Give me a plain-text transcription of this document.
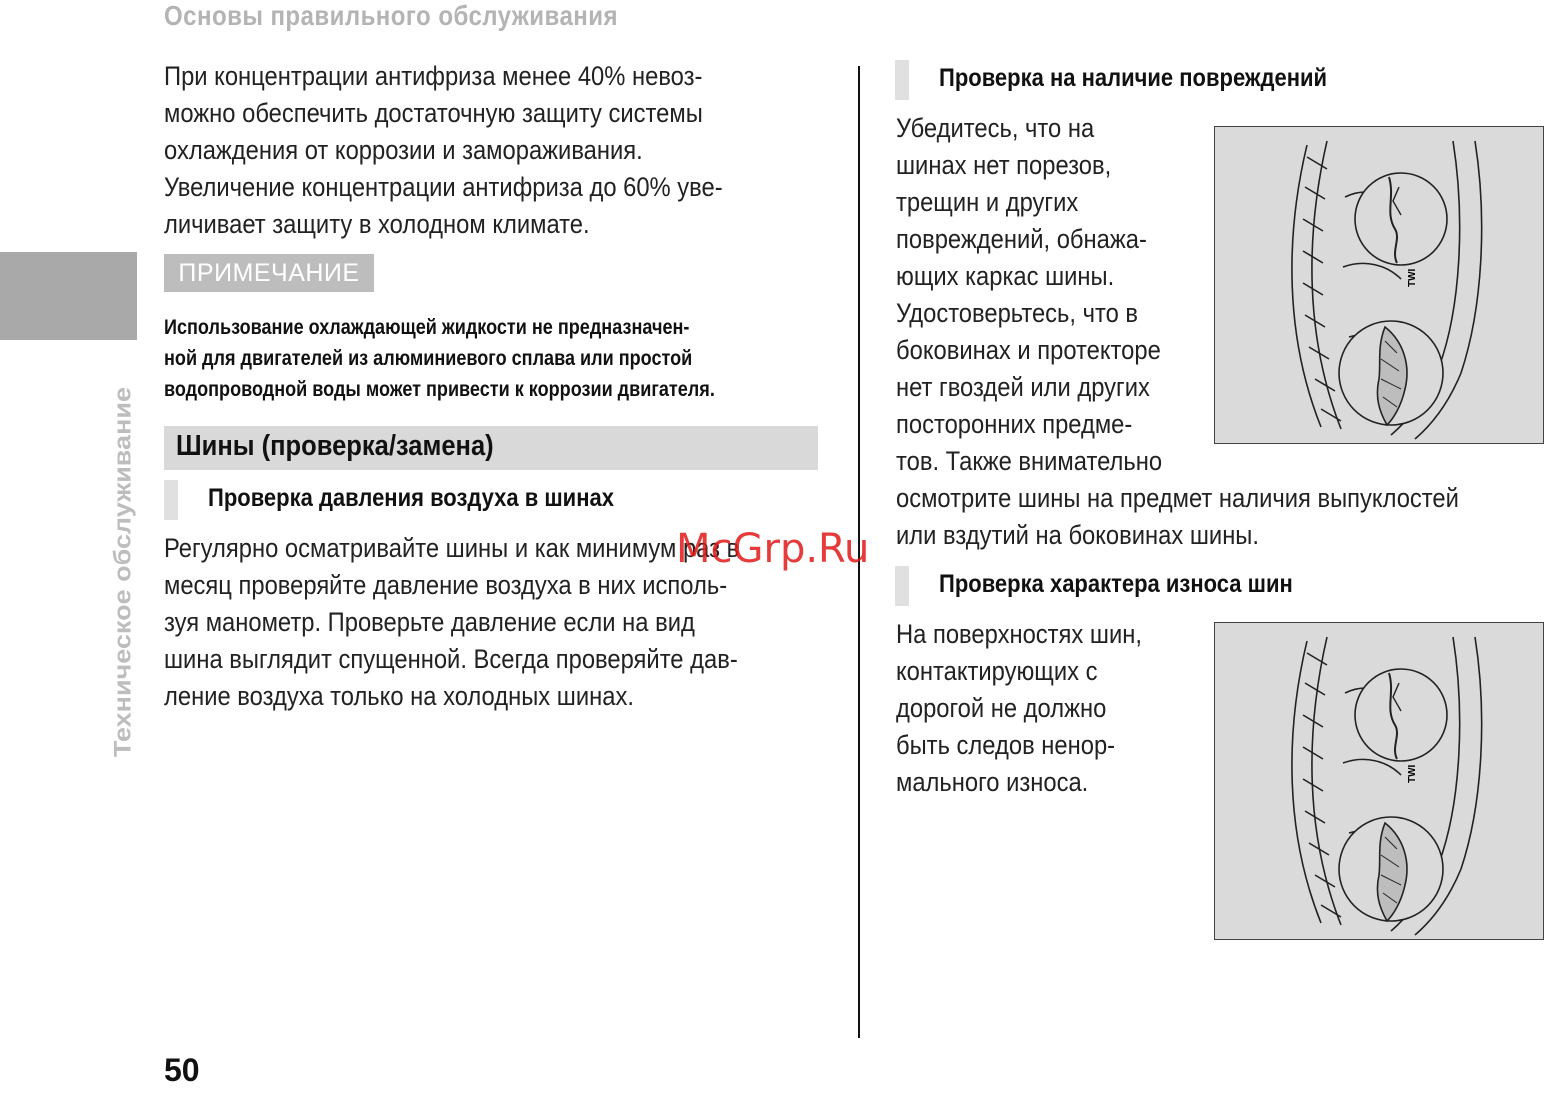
Основы правильного обслуживания
Техническое обслуживание
При концентрации антифриза менее 40% невоз-
можно обеспечить достаточную защиту системы
охлаждения от коррозии и замораживания.
Увеличение концентрации антифриза до 60% уве-
личивает защиту в холодном климате.
ПРИМЕЧАНИЕ
Использование охлаждающей жидкости не предназначен-
ной для двигателей из алюминиевого сплава или простой
водопроводной воды может привести к коррозии двигателя.
Шины (проверка/замена)
Проверка давления воздуха в шинах
Регулярно осматривайте шины и как минимум раз в
месяц проверяйте давление воздуха в них исполь-
зуя манометр. Проверьте давление если на вид
шина выглядит спущенной. Всегда проверяйте дав-
ление воздуха только на холодных шинах.
Проверка на наличие повреждений
Убедитесь, что на
шинах нет порезов,
трещин и других
повреждений, обнажа-
ющих каркас шины.
Удостоверьтесь, что в
боковинах и протекторе
нет гвоздей или других
посторонних предме-
тов. Также внимательно
осмотрите шины на предмет наличия выпуклостей
или вздутий на боковинах шины.
TWI
Проверка характера износа шин
На поверхностях шин,
контактирующих с
дорогой не должно
быть следов ненор-
мального износа.	TWI
50
McGrp.Ru
